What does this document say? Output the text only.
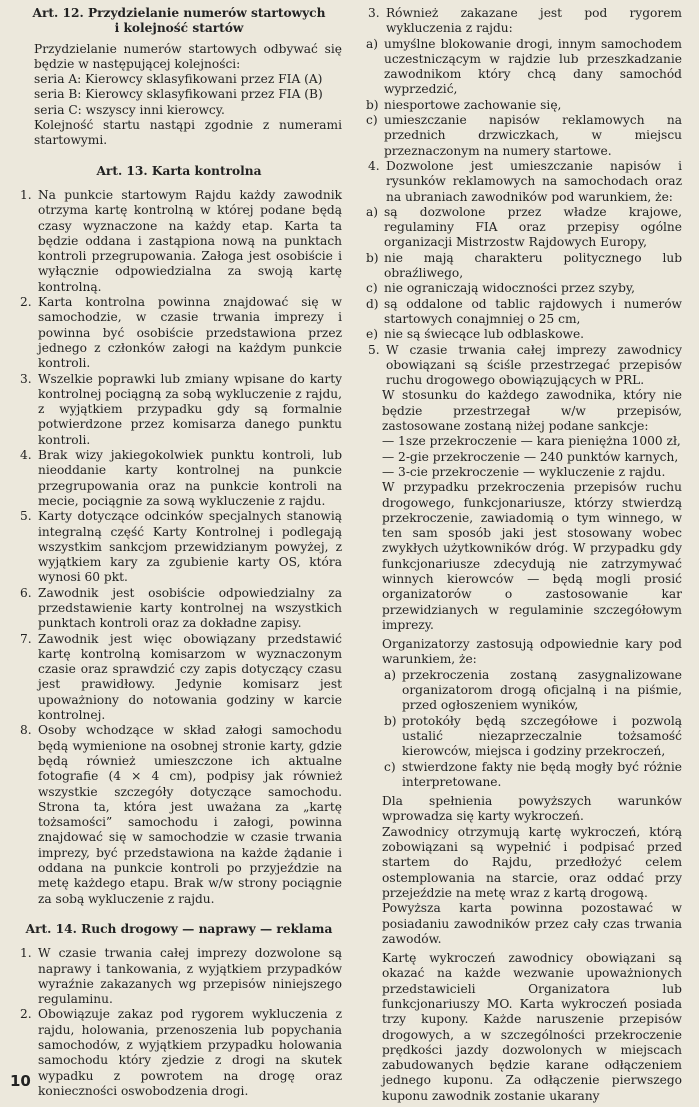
Art. 12. Przydzielanie numerów startowych
i kolejność startów

Przydzielanie numerów startowych odbywać się będzie w następującej kolejności:

seria A: Kierowcy sklasyfikowani przez FIA (A)

seria B: Kierowcy sklasyfikowani przez FIA (B)

seria C: wszyscy inni kierowcy.

Kolejność startu nastąpi zgodnie z numerami startowymi.

Art. 13. Karta kontrolna
1. Na punkcie startowym Rajdu każdy zawodnik otrzyma kartę kontrolną w której podane będą czasy wyznaczone na każdy etap. Karta ta będzie oddana i zastąpiona nową na punktach kontroli przegrupowania. Załoga jest osobiście i wyłącznie odpowiedzialna za swoją kartę kontrolną.
2. Karta kontrolna powinna znajdować się w samochodzie, w czasie trwania imprezy i powinna być osobiście przedstawiona przez jednego z członków załogi na każdym punkcie kontroli.
3. Wszelkie poprawki lub zmiany wpisane do karty kontrolnej pociągną za sobą wykluczenie z rajdu, z wyjątkiem przypadku gdy są formalnie potwierdzone przez komisarza danego punktu kontroli.
4. Brak wizy jakiegokolwiek punktu kontroli, lub nieoddanie karty kontrolnej na punkcie przegrupowania oraz na punkcie kontroli na mecie, pociągnie za sową wykluczenie z rajdu.
5. Karty dotyczące odcinków specjalnych stanowią integralną część Karty Kontrolnej i podlegają wszystkim sankcjom przewidzianym powyżej, z wyjątkiem kary za zgubienie karty OS, która wynosi 60 pkt.
6. Zawodnik jest osobiście odpowiedzialny za przedstawienie karty kontrolnej na wszystkich punktach kontroli oraz za dokładne zapisy.
7. Zawodnik jest więc obowiązany przedstawić kartę kontrolną komisarzom w wyznaczonym czasie oraz sprawdzić czy zapis dotyczący czasu jest prawidłowy. Jedynie komisarz jest upoważniony do notowania godziny w karcie kontrolnej.
8. Osoby wchodzące w skład załogi samochodu będą wymienione na osobnej stronie karty, gdzie będą również umieszczone ich aktualne fotografie (4 × 4 cm), podpisy jak również wszystkie szczegóły dotyczące samochodu. Strona ta, która jest uważana za „kartę tożsamości” samochodu i załogi, powinna znajdować się w samochodzie w czasie trwania imprezy, być przedstawiona na każde żądanie i oddana na punkcie kontroli po przyjeździe na metę każdego etapu. Brak w/w strony pociągnie za sobą wykluczenie z rajdu.
Art. 14. Ruch drogowy — naprawy — reklama
1. W czasie trwania całej imprezy dozwolone są naprawy i tankowania, z wyjątkiem przypadków wyraźnie zakazanych wg przepisów niniejszego regulaminu.
2. Obowiązuje zakaz pod rygorem wykluczenia z rajdu, holowania, przenoszenia lub popychania samochodów, z wyjątkiem przypadku holowania samochodu który zjedzie z drogi na skutek wypadku z powrotem na drogę oraz konieczności oswobodzenia drogi.
3. Również zakazane jest pod rygorem wykluczenia z rajdu:
a) umyślne blokowanie drogi, innym samochodem uczestniczącym w rajdzie lub przeszkadzanie zawodnikom który chcą dany samochód wyprzedzić,
b) niesportowe zachowanie się,
c) umieszczanie napisów reklamowych na przednich drzwiczkach, w miejscu przeznaczonym na numery startowe.
4. Dozwolone jest umieszczanie napisów i rysunków reklamowych na samochodach oraz na ubraniach zawodników pod warunkiem, że:
a) są dozwolone przez władze krajowe, regulaminy FIA oraz przepisy ogólne organizacji Mistrzostw Rajdowych Europy,
b) nie mają charakteru politycznego lub obraźliwego,
c) nie ograniczają widoczności przez szyby,
d) są oddalone od tablic rajdowych i numerów startowych conajmniej o 25 cm,
e) nie są świecące lub odblaskowe.
5. W czasie trwania całej imprezy zawodnicy obowiązani są ściśle przestrzegać przepisów ruchu drogowego obowiązujących w PRL.

W stosunku do każdego zawodnika, który nie będzie przestrzegał w/w przepisów, zastosowane zostaną niżej podane sankcje:

— 1sze przekroczenie — kara pieniężna 1000 zł,

— 2-gie przekroczenie — 240 punktów karnych,

— 3-cie przekroczenie — wykluczenie z rajdu.

W przypadku przekroczenia przepisów ruchu drogowego, funkcjonariusze, którzy stwierdzą przekroczenie, zawiadomią o tym winnego, w ten sam sposób jaki jest stosowany wobec zwykłych użytkowników dróg. W przypadku gdy funkcjonariusze zdecydują nie zatrzymywać winnych kierowców — będą mogli prosić organizatorów o zastosowanie kar przewidzianych w regulaminie szczegółowym imprezy.

Organizatorzy zastosują odpowiednie kary pod warunkiem, że:

a) przekroczenia zostaną zasygnalizowane organizatorom drogą oficjalną i na piśmie, przed ogłoszeniem wyników,
b) protokóły będą szczegółowe i pozwolą ustalić niezaprzeczalnie tożsamość kierowców, miejsca i godziny przekroczeń,
c) stwierdzone fakty nie będą mogły być różnie interpretowane.

Dla spełnienia powyższych warunków wprowadza się karty wykroczeń.

Zawodnicy otrzymują kartę wykroczeń, którą zobowiązani są wypełnić i podpisać przed startem do Rajdu, przedłożyć celem ostemplowania na starcie, oraz oddać przy przejeździe na metę wraz z kartą drogową.

Powyższa karta powinna pozostawać w posiadaniu zawodników przez cały czas trwania zawodów.

Kartę wykroczeń zawodnicy obowiązani są okazać na każde wezwanie upoważnionych przedstawicieli Organizatora lub funkcjonariuszy MO. Karta wykroczeń posiada trzy kupony. Każde naruszenie przepisów drogowych, a w szczególności przekroczenie prędkości jazdy dozwolonych w miejscach zabudowanych będzie karane odłączeniem jednego kuponu. Za odłączenie pierwszego kuponu zawodnik zostanie ukarany

10
